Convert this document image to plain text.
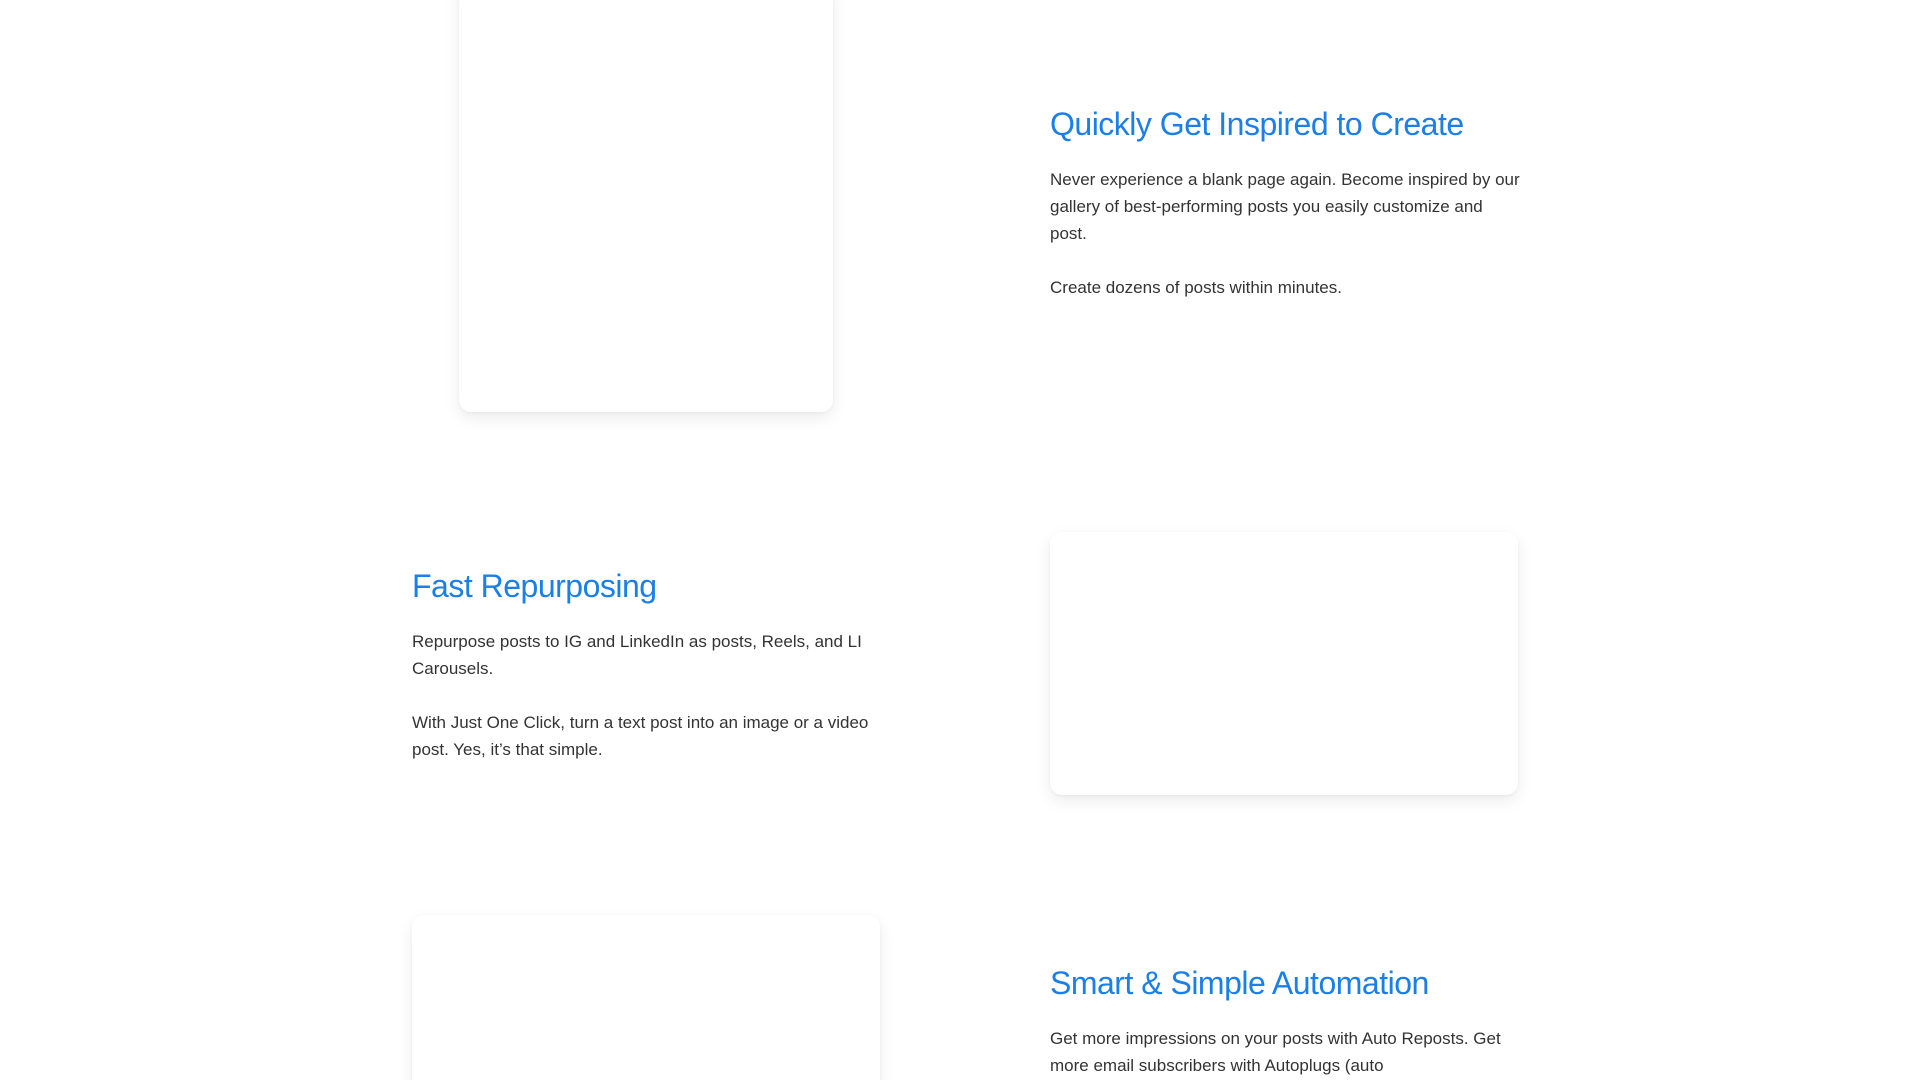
Quickly Get Inspired to Create

Never experience a blank page again. Become inspired by our gallery of best-performing posts you easily customize and post.

Create dozens of posts within minutes.

Fast Repurposing

Repurpose posts to IG and LinkedIn as posts, Reels, and LI Carousels.

With Just One Click, turn a text post into an image or a video post. Yes, it’s that simple.

Smart & Simple Automation

Get more impressions on your posts with Auto Reposts. Get more email subscribers with Autoplugs (auto
